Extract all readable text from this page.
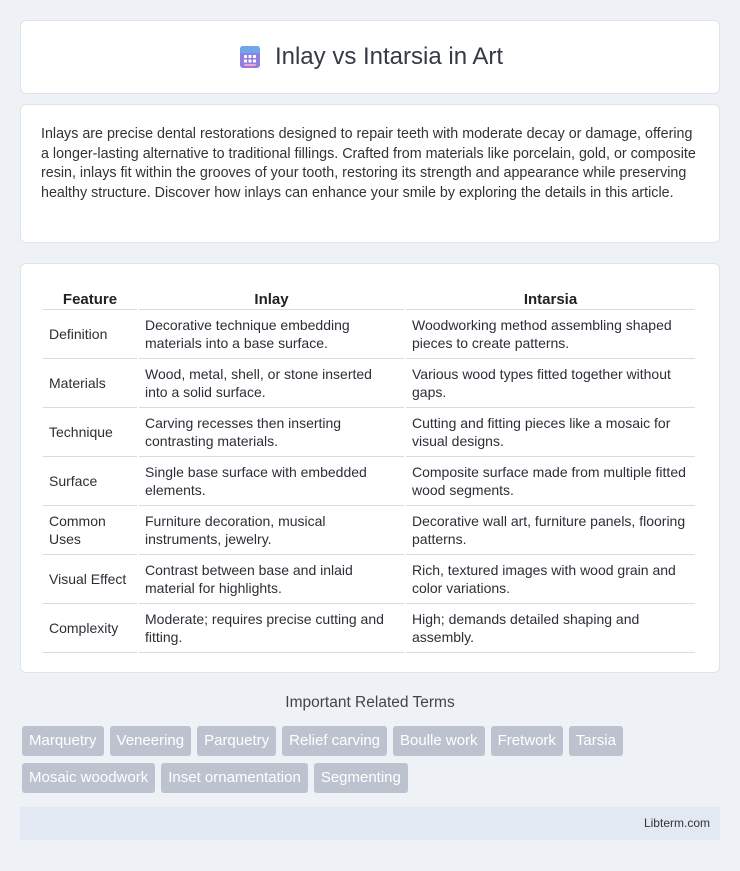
Inlay vs Intarsia in Art

Inlays are precise dental restorations designed to repair teeth with moderate decay or damage, offering a longer-lasting alternative to traditional fillings. Crafted from materials like porcelain, gold, or composite resin, inlays fit within the grooves of your tooth, restoring its strength and appearance while preserving healthy structure. Discover how inlays can enhance your smile by exploring the details in this article.

Feature	Inlay	Intarsia
Definition	Decorative technique embedding materials into a base surface.	Woodworking method assembling shaped pieces to create patterns.
Materials	Wood, metal, shell, or stone inserted into a solid surface.	Various wood types fitted together without gaps.
Technique	Carving recesses then inserting contrasting materials.	Cutting and fitting pieces like a mosaic for visual designs.
Surface	Single base surface with embedded elements.	Composite surface made from multiple fitted wood segments.
Common Uses	Furniture decoration, musical instruments, jewelry.	Decorative wall art, furniture panels, flooring patterns.
Visual Effect	Contrast between base and inlaid material for highlights.	Rich, textured images with wood grain and color variations.
Complexity	Moderate; requires precise cutting and fitting.	High; demands detailed shaping and assembly.
Important Related Terms
Marquetry	Veneering	Parquetry	Relief carving	Boulle work	Fretwork	Tarsia
Mosaic woodwork	Inset ornamentation	Segmenting
Libterm.com
